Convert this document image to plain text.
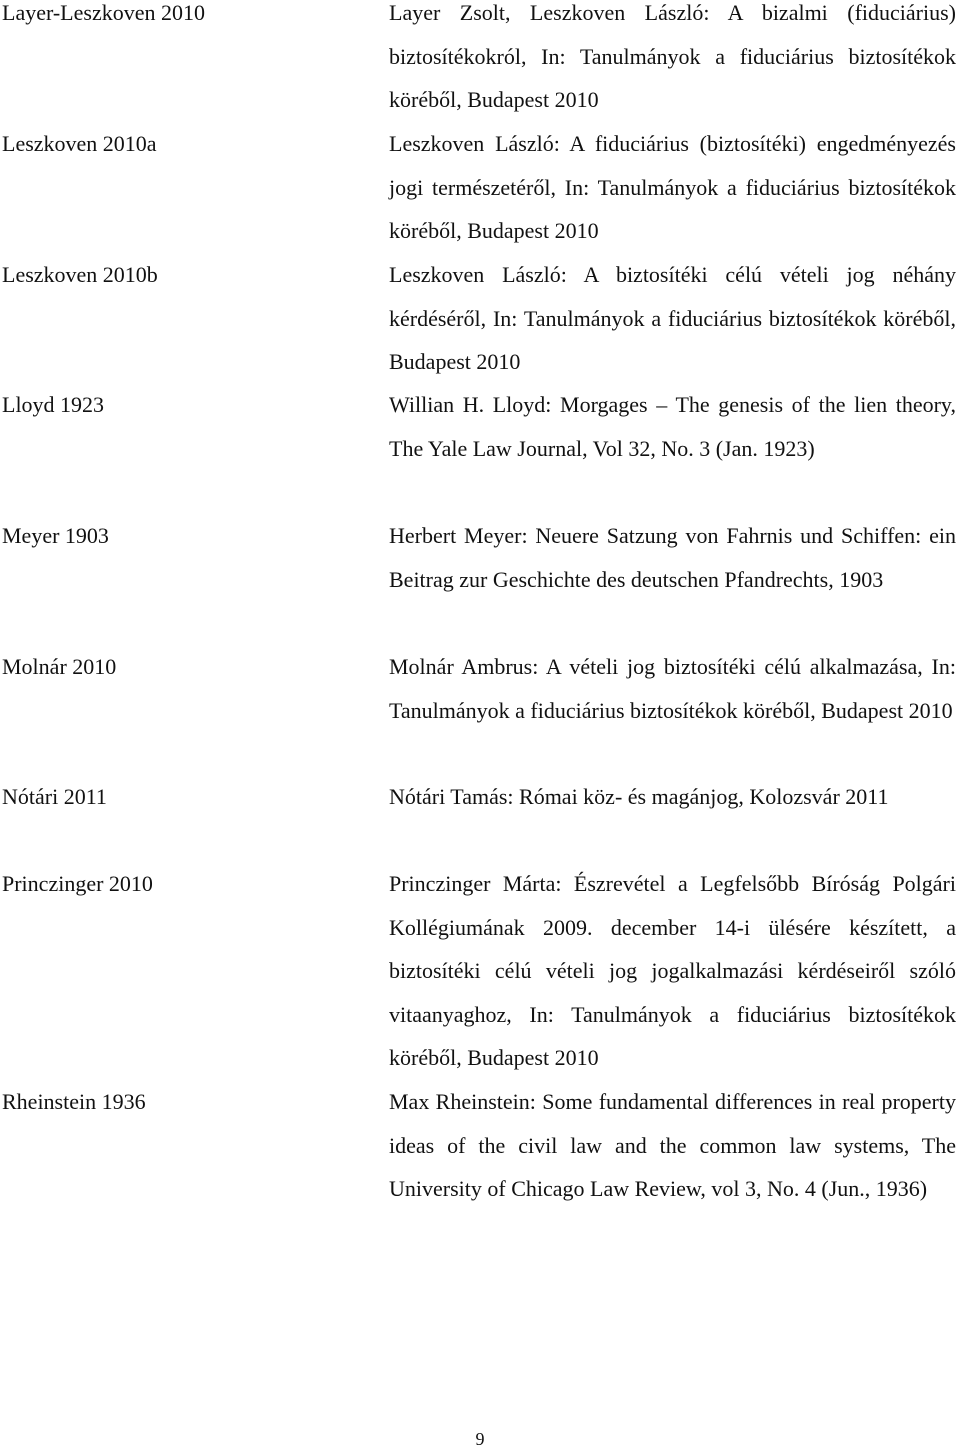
Layer-Leszkoven 2010	Layer Zsolt, Leszkoven László: A bizalmi (fiduciárius) biztosítékokról, In: Tanulmányok a fiduciárius biztosítékok köréből, Budapest 2010
Leszkoven 2010a	Leszkoven László: A fiduciárius (biztosítéki) engedményezés jogi természetéről, In: Tanulmányok a fiduciárius biztosítékok köréből, Budapest 2010
Leszkoven 2010b	Leszkoven László: A biztosítéki célú vételi jog néhány kérdéséről, In: Tanulmányok a fiduciárius biztosítékok köréből, Budapest 2010
Lloyd 1923	Willian H. Lloyd: Morgages – The genesis of the lien theory, The Yale Law Journal, Vol 32, No. 3 (Jan. 1923)
Meyer 1903	Herbert Meyer: Neuere Satzung von Fahrnis und Schiffen: ein Beitrag zur Geschichte des deutschen Pfandrechts, 1903
Molnár 2010	Molnár Ambrus: A vételi jog biztosítéki célú alkalmazása, In: Tanulmányok a fiduciárius biztosítékok köréből, Budapest 2010
Nótári 2011	Nótári Tamás: Római köz- és magánjog, Kolozsvár 2011
Princzinger 2010	Princzinger Márta: Észrevétel a Legfelsőbb Bíróság Polgári Kollégiumának 2009. december 14-i ülésére készített, a biztosítéki célú vételi jog jogalkalmazási kérdéseiről szóló vitaanyaghoz, In: Tanulmányok a fiduciárius biztosítékok köréből, Budapest 2010
Rheinstein 1936	Max Rheinstein: Some fundamental differences in real property ideas of the civil law and the common law systems, The University of Chicago Law Review, vol 3, No. 4 (Jun., 1936)
9
